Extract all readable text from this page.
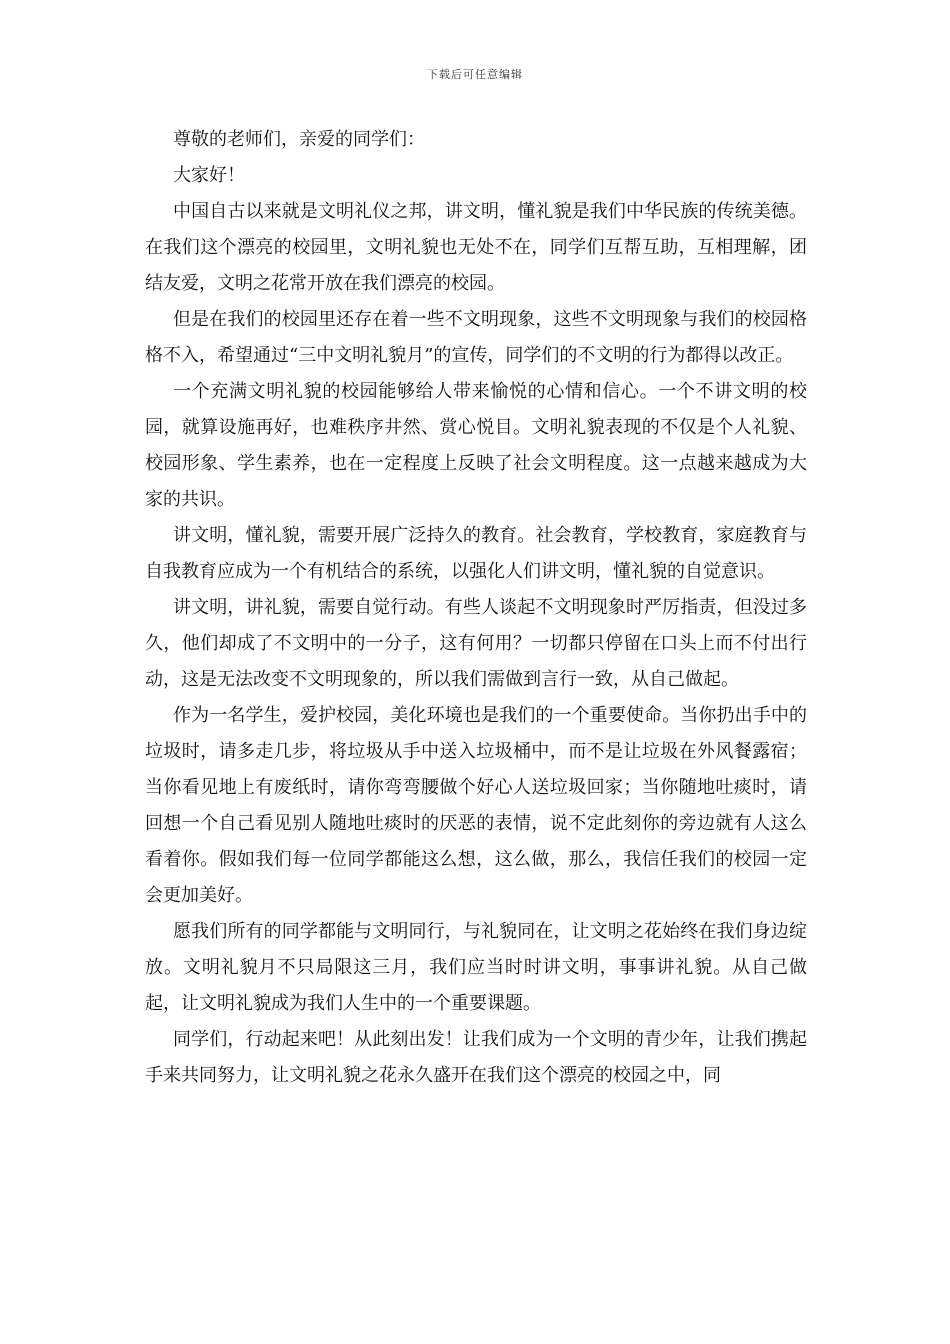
下载后可任意编辑

尊敬的老师们，亲爱的同学们：

大家好！

中国自古以来就是文明礼仪之邦，讲文明，懂礼貌是我们中华民族的传统美德。在我们这个漂亮的校园里，文明礼貌也无处不在，同学们互帮互助，互相理解，团结友爱，文明之花常开放在我们漂亮的校园。

但是在我们的校园里还存在着一些不文明现象，这些不文明现象与我们的校园格格不入，希望通过“三中文明礼貌月”的宣传，同学们的不文明的行为都得以改正。

一个充满文明礼貌的校园能够给人带来愉悦的心情和信心。一个不讲文明的校园，就算设施再好，也难秩序井然、赏心悦目。文明礼貌表现的不仅是个人礼貌、校园形象、学生素养，也在一定程度上反映了社会文明程度。这一点越来越成为大家的共识。

讲文明，懂礼貌，需要开展广泛持久的教育。社会教育，学校教育，家庭教育与自我教育应成为一个有机结合的系统，以强化人们讲文明，懂礼貌的自觉意识。

讲文明，讲礼貌，需要自觉行动。有些人谈起不文明现象时严厉指责，但没过多久，他们却成了不文明中的一分子，这有何用？一切都只停留在口头上而不付出行动，这是无法改变不文明现象的，所以我们需做到言行一致，从自己做起。

作为一名学生，爱护校园，美化环境也是我们的一个重要使命。当你扔出手中的垃圾时，请多走几步，将垃圾从手中送入垃圾桶中，而不是让垃圾在外风餐露宿；当你看见地上有废纸时，请你弯弯腰做个好心人送垃圾回家；当你随地吐痰时，请回想一个自己看见别人随地吐痰时的厌恶的表情，说不定此刻你的旁边就有人这么看着你。假如我们每一位同学都能这么想，这么做，那么，我信任我们的校园一定会更加美好。

愿我们所有的同学都能与文明同行，与礼貌同在，让文明之花始终在我们身边绽放。文明礼貌月不只局限这三月，我们应当时时讲文明，事事讲礼貌。从自己做起，让文明礼貌成为我们人生中的一个重要课题。

同学们，行动起来吧！从此刻出发！让我们成为一个文明的青少年，让我们携起手来共同努力，让文明礼貌之花永久盛开在我们这个漂亮的校园之中，同
